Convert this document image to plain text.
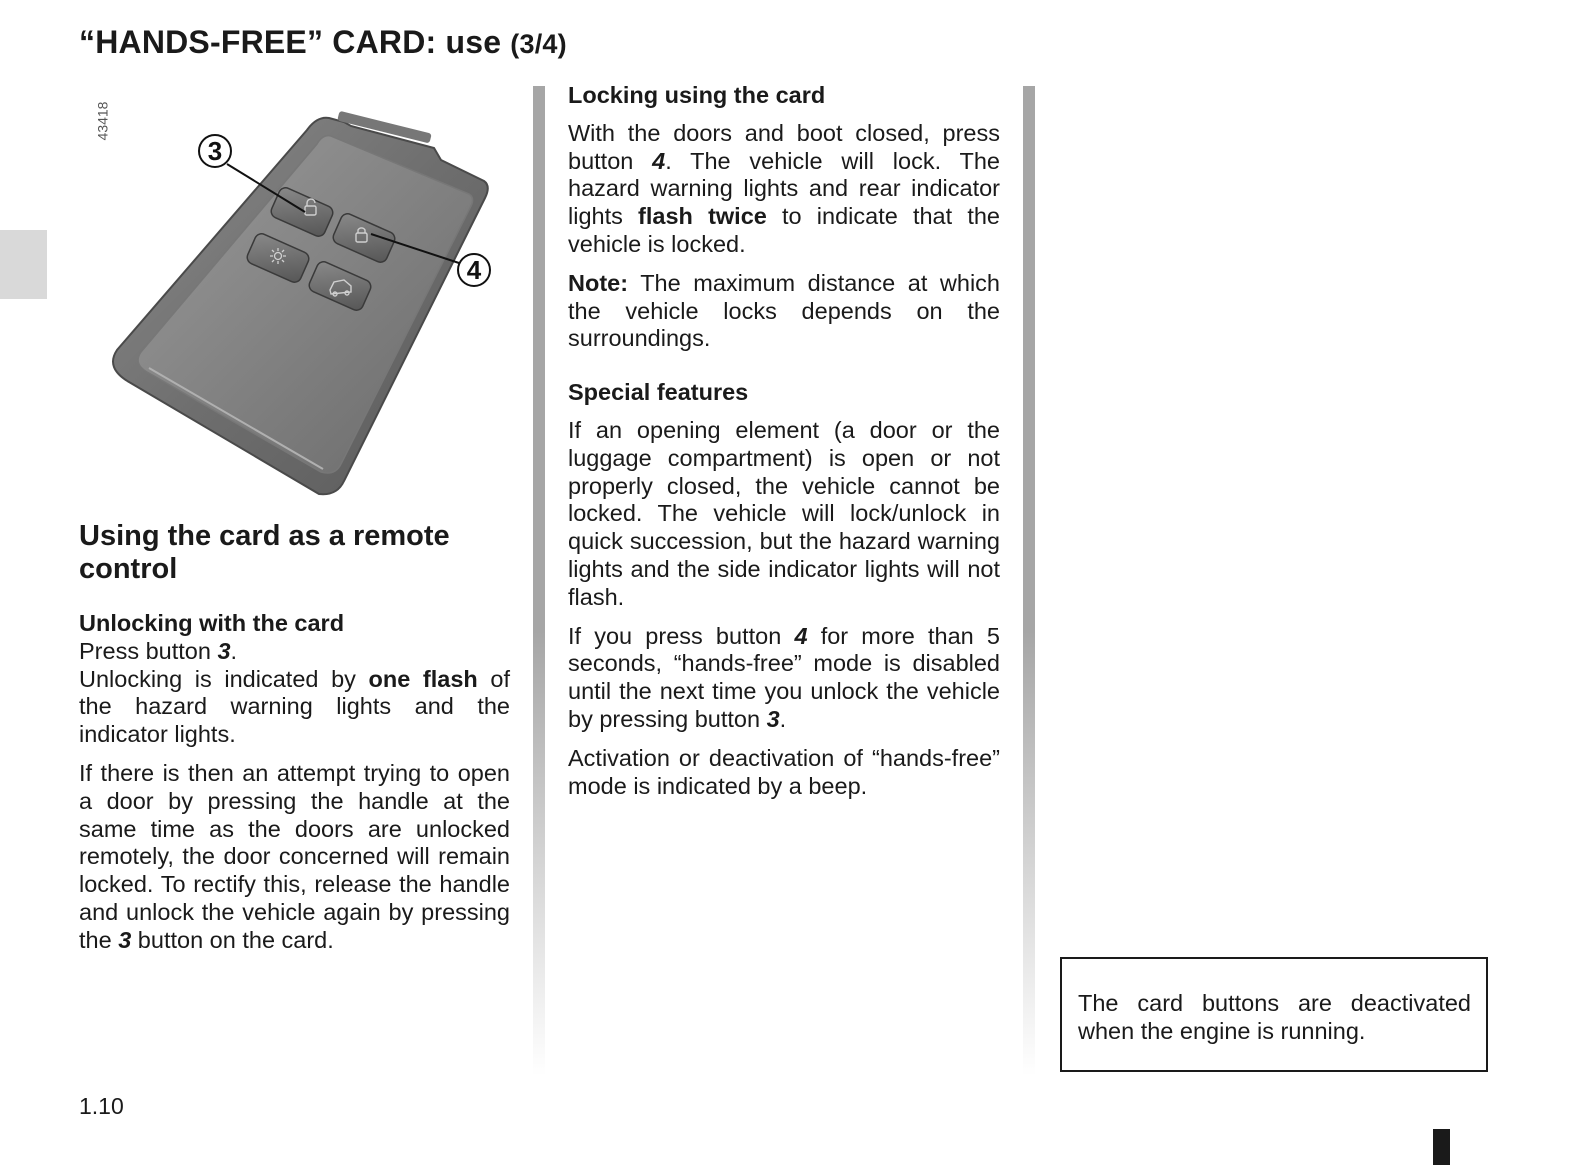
“HANDS-FREE” CARD: use (3/4)
43418
3
4
Using the card as a remote control
Unlocking with the card
Press button 3.

Unlocking is indicated by one flash of the hazard warning lights and the indicator lights.

If there is then an attempt trying to open a door by pressing the handle at the same time as the doors are unlocked remotely, the door concerned will remain locked. To rectify this, release the handle and unlock the vehicle again by pressing the 3 button on the card.

Locking using the card

With the doors and boot closed, press button 4. The vehicle will lock. The hazard warning lights and rear indicator lights flash twice to indicate that the vehicle is locked.

Note: The maximum distance at which the vehicle locks depends on the surroundings.

Special features

If an opening element (a door or the luggage compartment) is open or not properly closed, the vehicle cannot be locked. The vehicle will lock/unlock in quick succession, but the hazard warning lights and the side indicator lights will not flash.

If you press button 4 for more than 5 seconds, “hands-free” mode is disabled until the next time you unlock the vehicle by pressing button 3.

Activation or deactivation of “hands-free” mode is indicated by a beep.

The card buttons are deactivated when the engine is running.
1.10
